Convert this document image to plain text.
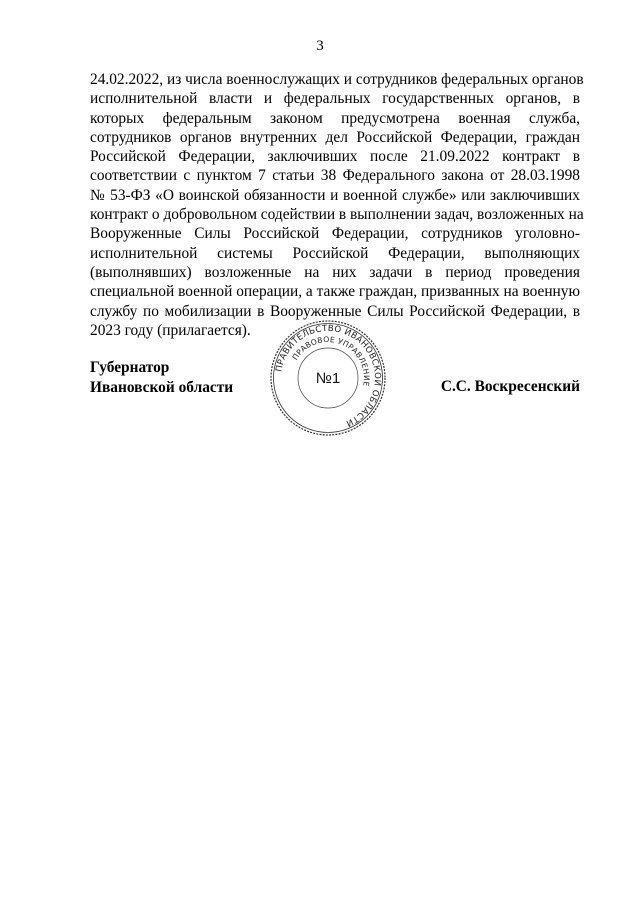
3
24.02.2022, из числа военнослужащих и сотрудников федеральных органов
исполнительной власти и федеральных государственных органов, в
которых федеральным законом предусмотрена военная служба,
сотрудников органов внутренних дел Российской Федерации, граждан
Российской Федерации, заключивших после 21.09.2022 контракт в
соответствии с пунктом 7 статьи 38 Федерального закона от 28.03.1998
№ 53-ФЗ «О воинской обязанности и военной службе» или заключивших
контракт о добровольном содействии в выполнении задач, возложенных на
Вооруженные Силы Российской Федерации, сотрудников уголовно-
исполнительной системы Российской Федерации, выполняющих
(выполнявших) возложенные на них задачи в период проведения
специальной военной операции, а также граждан, призванных на военную
службу по мобилизации в Вооруженные Силы Российской Федерации, в
2023 году (прилагается).
Губернатор
Ивановской области
ПРАВИТЕЛЬСТВО ИВАНОВСКОЙ ОБЛАСТИ
ПРАВОВОЕ УПРАВЛЕНИЕ
№1	С.С. Воскресенский
